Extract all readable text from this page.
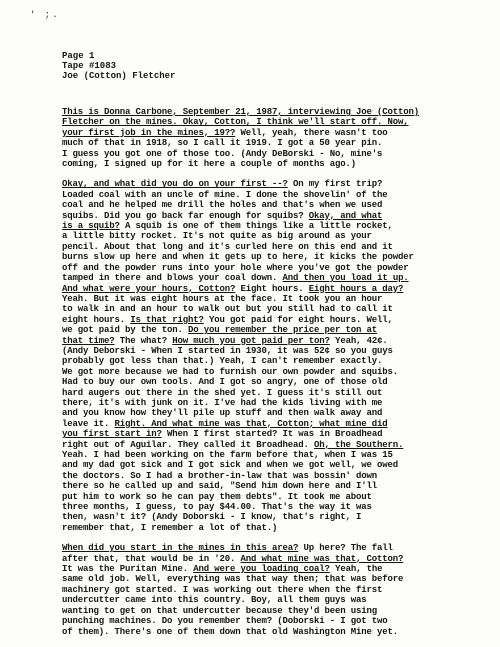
' ;.
Page 1
Tape #1083
Joe (Cotton) Fletcher
This is Donna Carbone, September 21, 1987, interviewing Joe (Cotton)
Fletcher on the mines. Okay, Cotton, I think we'll start off. Now,
your first job in the mines, 19?? Well, yeah, there wasn't too
much of that in 1918, so I call it 1919. I got a 50 year pin.
I guess you got one of those too. (Andy DeBorski - No, mine's
coming, I signed up for it here a couple of months ago.)
Okay, and what did you do on your first --? On my first trip?
Loaded coal with an uncle of mine. I done the shovelin' of the
coal and he helped me drill the holes and that's when we used
squibs. Did you go back far enough for squibs? Okay, and what
is a squib? A squib is one of them things like a little rocket,
a little bitty rocket. It's not quite as big around as your
pencil. About that long and it's curled here on this end and it
burns slow up here and when it gets up to here, it kicks the powder
off and the powder runs into your hole where you've got the powder
tamped in there and blows your coal down. And then you load it up.
And what were your hours, Cotton? Eight hours. Eight hours a day?
Yeah. But it was eight hours at the face. It took you an hour
to walk in and an hour to walk out but you still had to call it
eight hours. Is that right? You got paid for eight hours. Well,
we got paid by the ton. Do you remember the price per ton at
that time? The what? How much you got paid per ton? Yeah, 42¢.
(Andy Deborski - When I started in 1930, it was 52¢ so you guys
probably got less than that.) Yeah, I can't remember exactly.
We got more because we had to furnish our own powder and squibs.
Had to buy our own tools. And I got so angry, one of those old
hard augers out there in the shed yet. I guess it's still out
there, it's with junk on it. I've had the kids living with me
and you know how they'll pile up stuff and then walk away and
leave it. Right. And what mine was that, Cotton; what mine did
you first start in? When I first started? It was in Broadhead
right out of Aguilar. They called it Broadhead. Oh, the Southern.
Yeah. I had been working on the farm before that, when I was 15
and my dad got sick and I got sick and when we got well, we owed
the doctors. So I had a brother-in-law that was bossin' down
there so he called up and said, "Send him down here and I'll
put him to work so he can pay them debts". It took me about
three months, I guess, to pay $44.00. That's the way it was
then, wasn't it? (Andy Doborski - I know, that's right, I
remember that, I remember a lot of that.)
When did you start in the mines in this area? Up here? The fall
after that, that would be in '20. And what mine was that, Cotton?
It was the Puritan Mine. And were you loading coal? Yeah, the
same old job. Well, everything was that way then; that was before
machinery got started. I was working out there when the first
undercutter came into this country. Boy, all them guys was
wanting to get on that undercutter because they'd been using
punching machines. Do you remember them? (Doborski - I got two
of them). There's one of them down that old Washington Mine yet.
